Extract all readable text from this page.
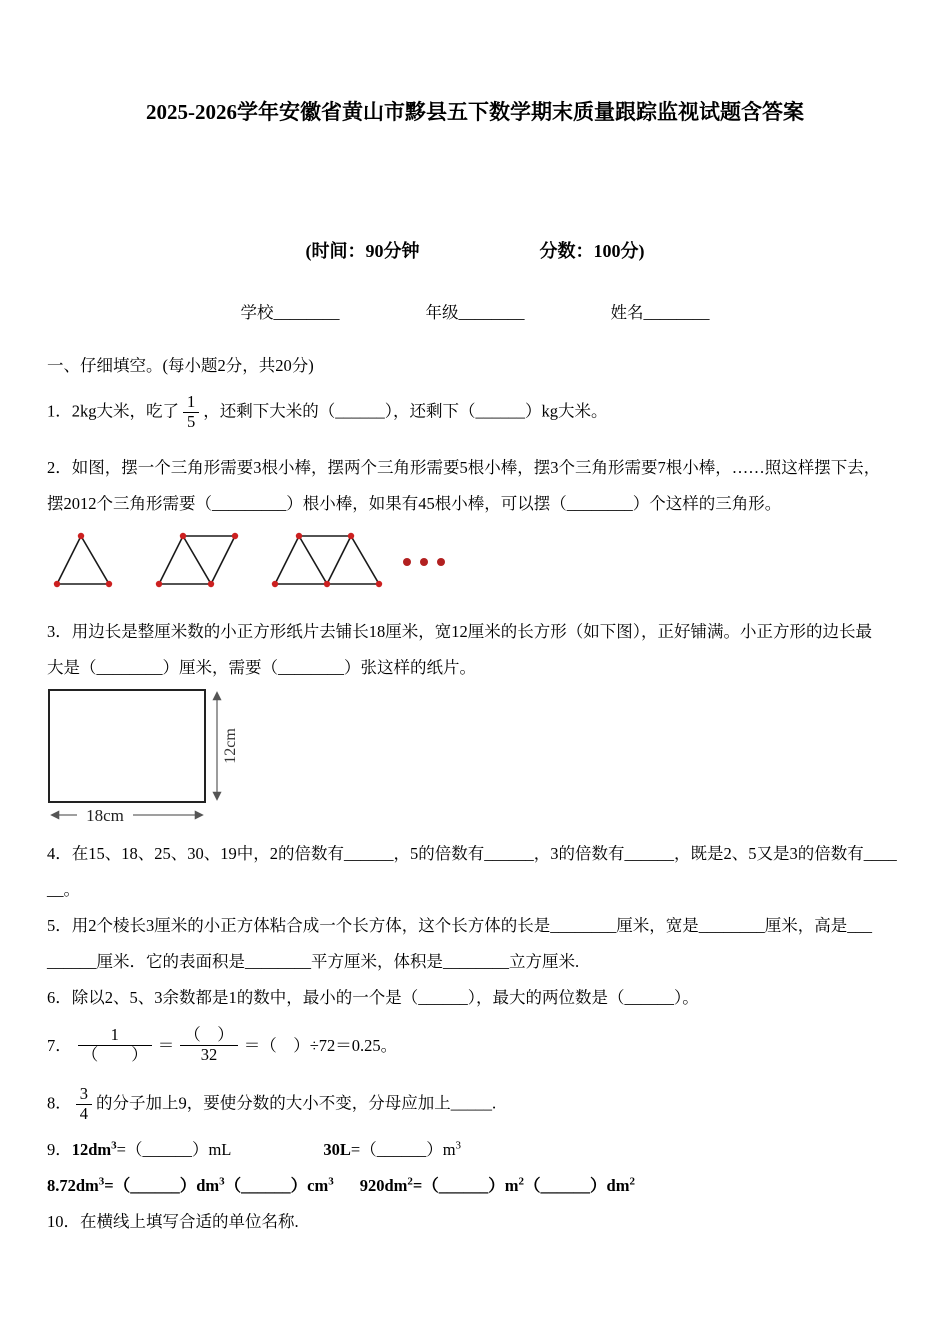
2025-2026学年安徽省黄山市黟县五下数学期末质量跟踪监视试题含答案
(时间：90分钟	分数：100分)
学校________	年级________	姓名________
一、仔细填空。(每小题2分，共20分)
1．2kg大米，吃了 $\frac{1}{5}$ ，还剩下大米的（______），还剩下（______）kg大米。
2．如图，摆一个三角形需要3根小棒，摆两个三角形需要5根小棒，摆3个三角形需要7根小棒，……照这样摆下去，
摆2012个三角形需要（_________）根小棒，如果有45根小棒，可以摆（________）个这样的三角形。
3．用边长是整厘米数的小正方形纸片去铺长18厘米，宽12厘米的长方形（如下图），正好铺满。小正方形的边长最
大是（________）厘米，需要（________）张这样的纸片。
12cm
18cm
4．在15、18、25、30、19中，2的倍数有______，5的倍数有______，3的倍数有______，既是2、5又是3的倍数有____
__。
5．用2个棱长3厘米的小正方体粘合成一个长方体，这个长方体的长是________厘米，宽是________厘米，高是___
______厘米．它的表面积是________平方厘米，体积是________立方厘米.
6．除以2、5、3余数都是1的数中，最小的一个是（______），最大的两位数是（______）。
7． $\frac{1}{( )} = \frac{( )}{32}$ ＝ （　）÷72＝0.25。
8． $\frac{3}{4}$ 的分子加上9，要使分数的大小不变，分母应加上_____.
9．$12dm^3=(\_\_\_\_\_\_)mL$	$30L=(\_\_\_\_\_\_)m^3$
$8.72dm^3=(\_\_\_\_\_\_)dm^3(\_\_\_\_\_\_)cm^3$ $920dm^2=(\_\_\_\_\_\_)m^2(\_\_\_\_\_\_)dm^2$
10．在横线上填写合适的单位名称.
